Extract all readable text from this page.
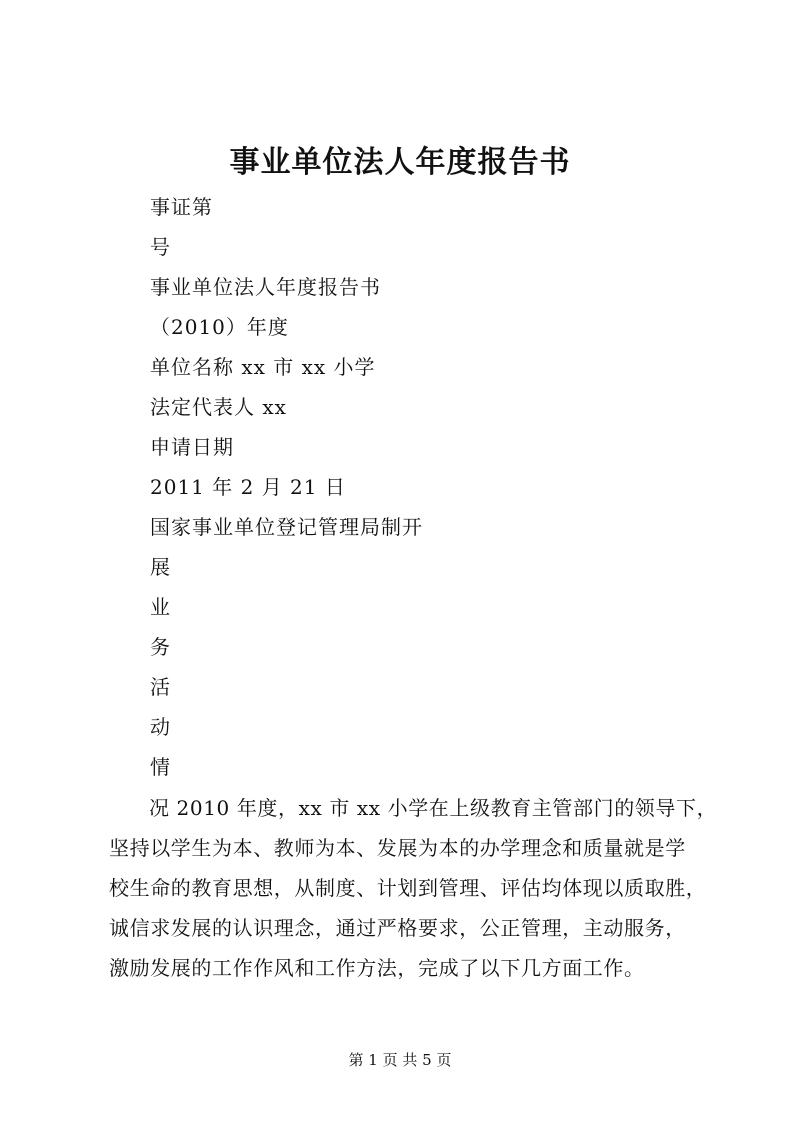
事业单位法人年度报告书
事证第
号
事业单位法人年度报告书
（2010）年度
单位名称 xx 市 xx 小学
法定代表人 xx
申请日期
2011 年 2 月 21 日
国家事业单位登记管理局制开
展
业
务
活
动
情
况 2010 年度，xx 市 xx 小学在上级教育主管部门的领导下，
坚持以学生为本、教师为本、发展为本的办学理念和质量就是学
校生命的教育思想，从制度、计划到管理、评估均体现以质取胜，
诚信求发展的认识理念，通过严格要求，公正管理，主动服务，
激励发展的工作作风和工作方法，完成了以下几方面工作。
第 1 页 共 5 页
